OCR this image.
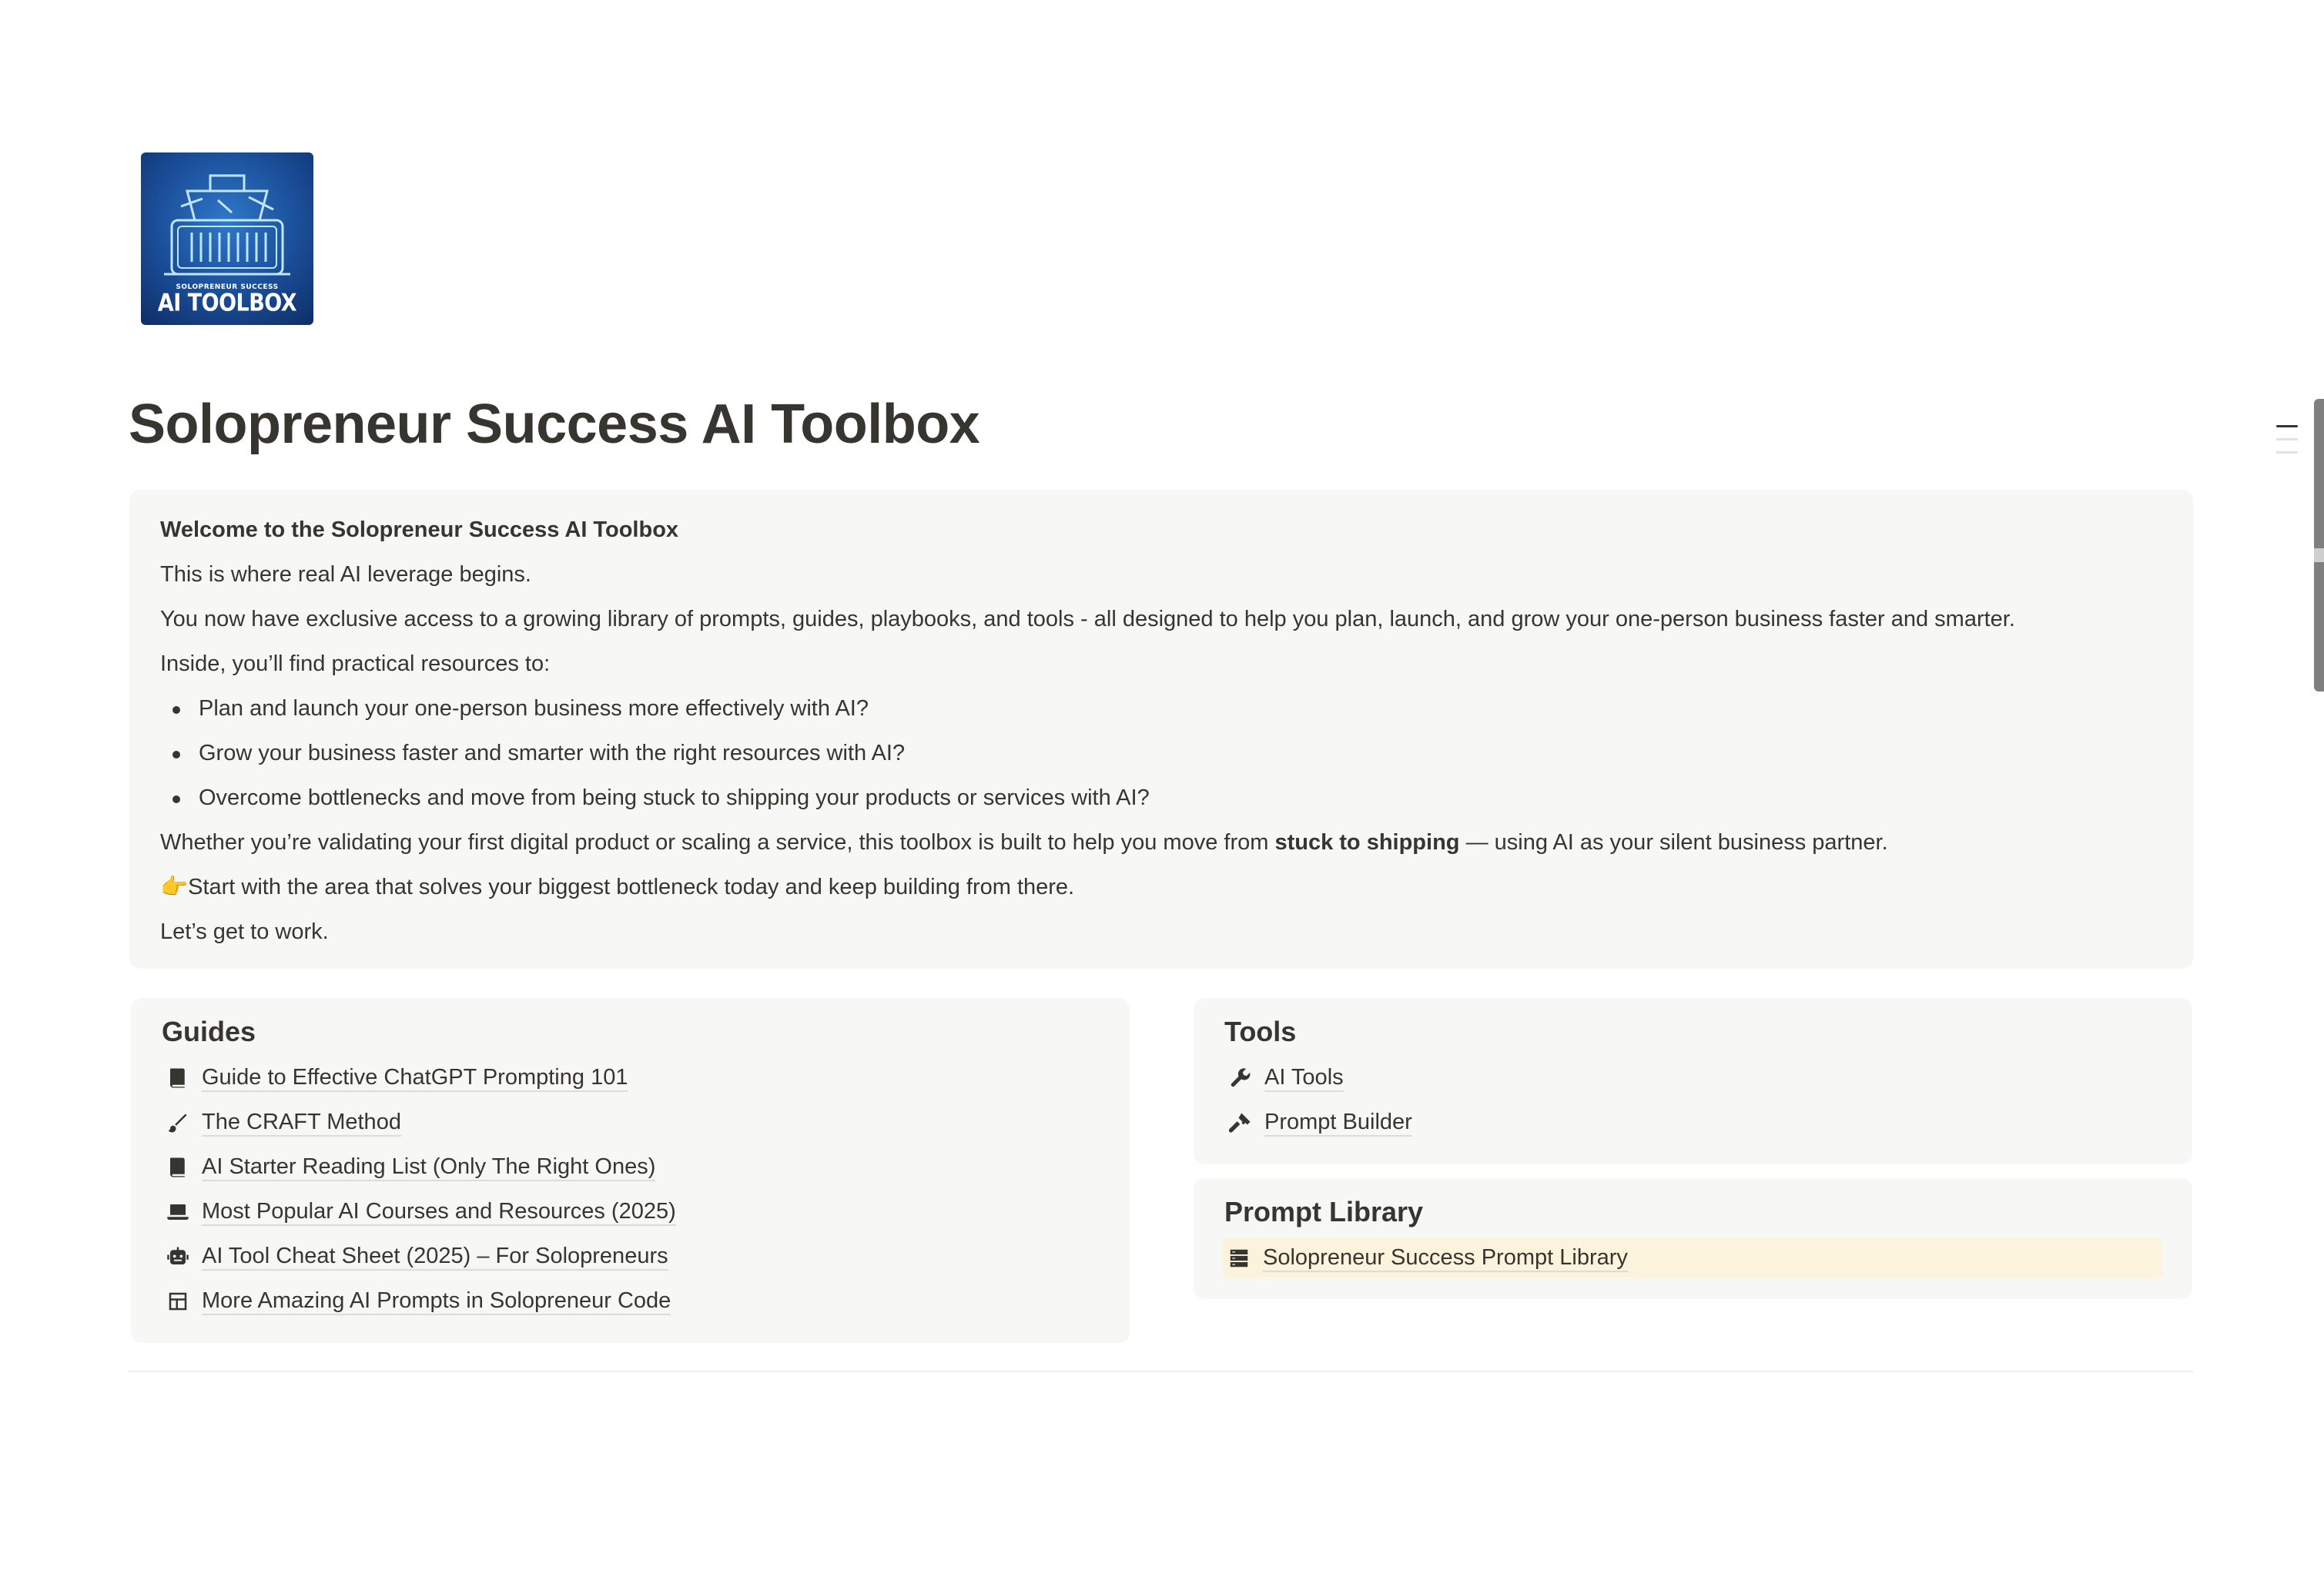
SOLOPRENEUR SUCCESS
AI TOOLBOX
Solopreneur Success AI Toolbox

Welcome to the Solopreneur Success AI Toolbox

This is where real AI leverage begins.

You now have exclusive access to a growing library of prompts, guides, playbooks, and tools - all designed to help you plan, launch, and grow your one-person business faster and smarter.

Inside, you’ll find practical resources to:

Plan and launch your one-person business more effectively with AI?
Grow your business faster and smarter with the right resources with AI?
Overcome bottlenecks and move from being stuck to shipping your products or services with AI?

Whether you’re validating your first digital product or scaling a service, this toolbox is built to help you move from stuck to shipping — using AI as your silent business partner.

👉Start with the area that solves your biggest bottleneck today and keep building from there.

Let’s get to work.

Guides
Guide to Effective ChatGPT Prompting 101
The CRAFT Method
AI Starter Reading List (Only The Right Ones)
Most Popular AI Courses and Resources (2025)
AI Tool Cheat Sheet (2025) – For Solopreneurs
More Amazing AI Prompts in Solopreneur Code
Tools
AI Tools
Prompt Builder
Prompt Library
Solopreneur Success Prompt Library
